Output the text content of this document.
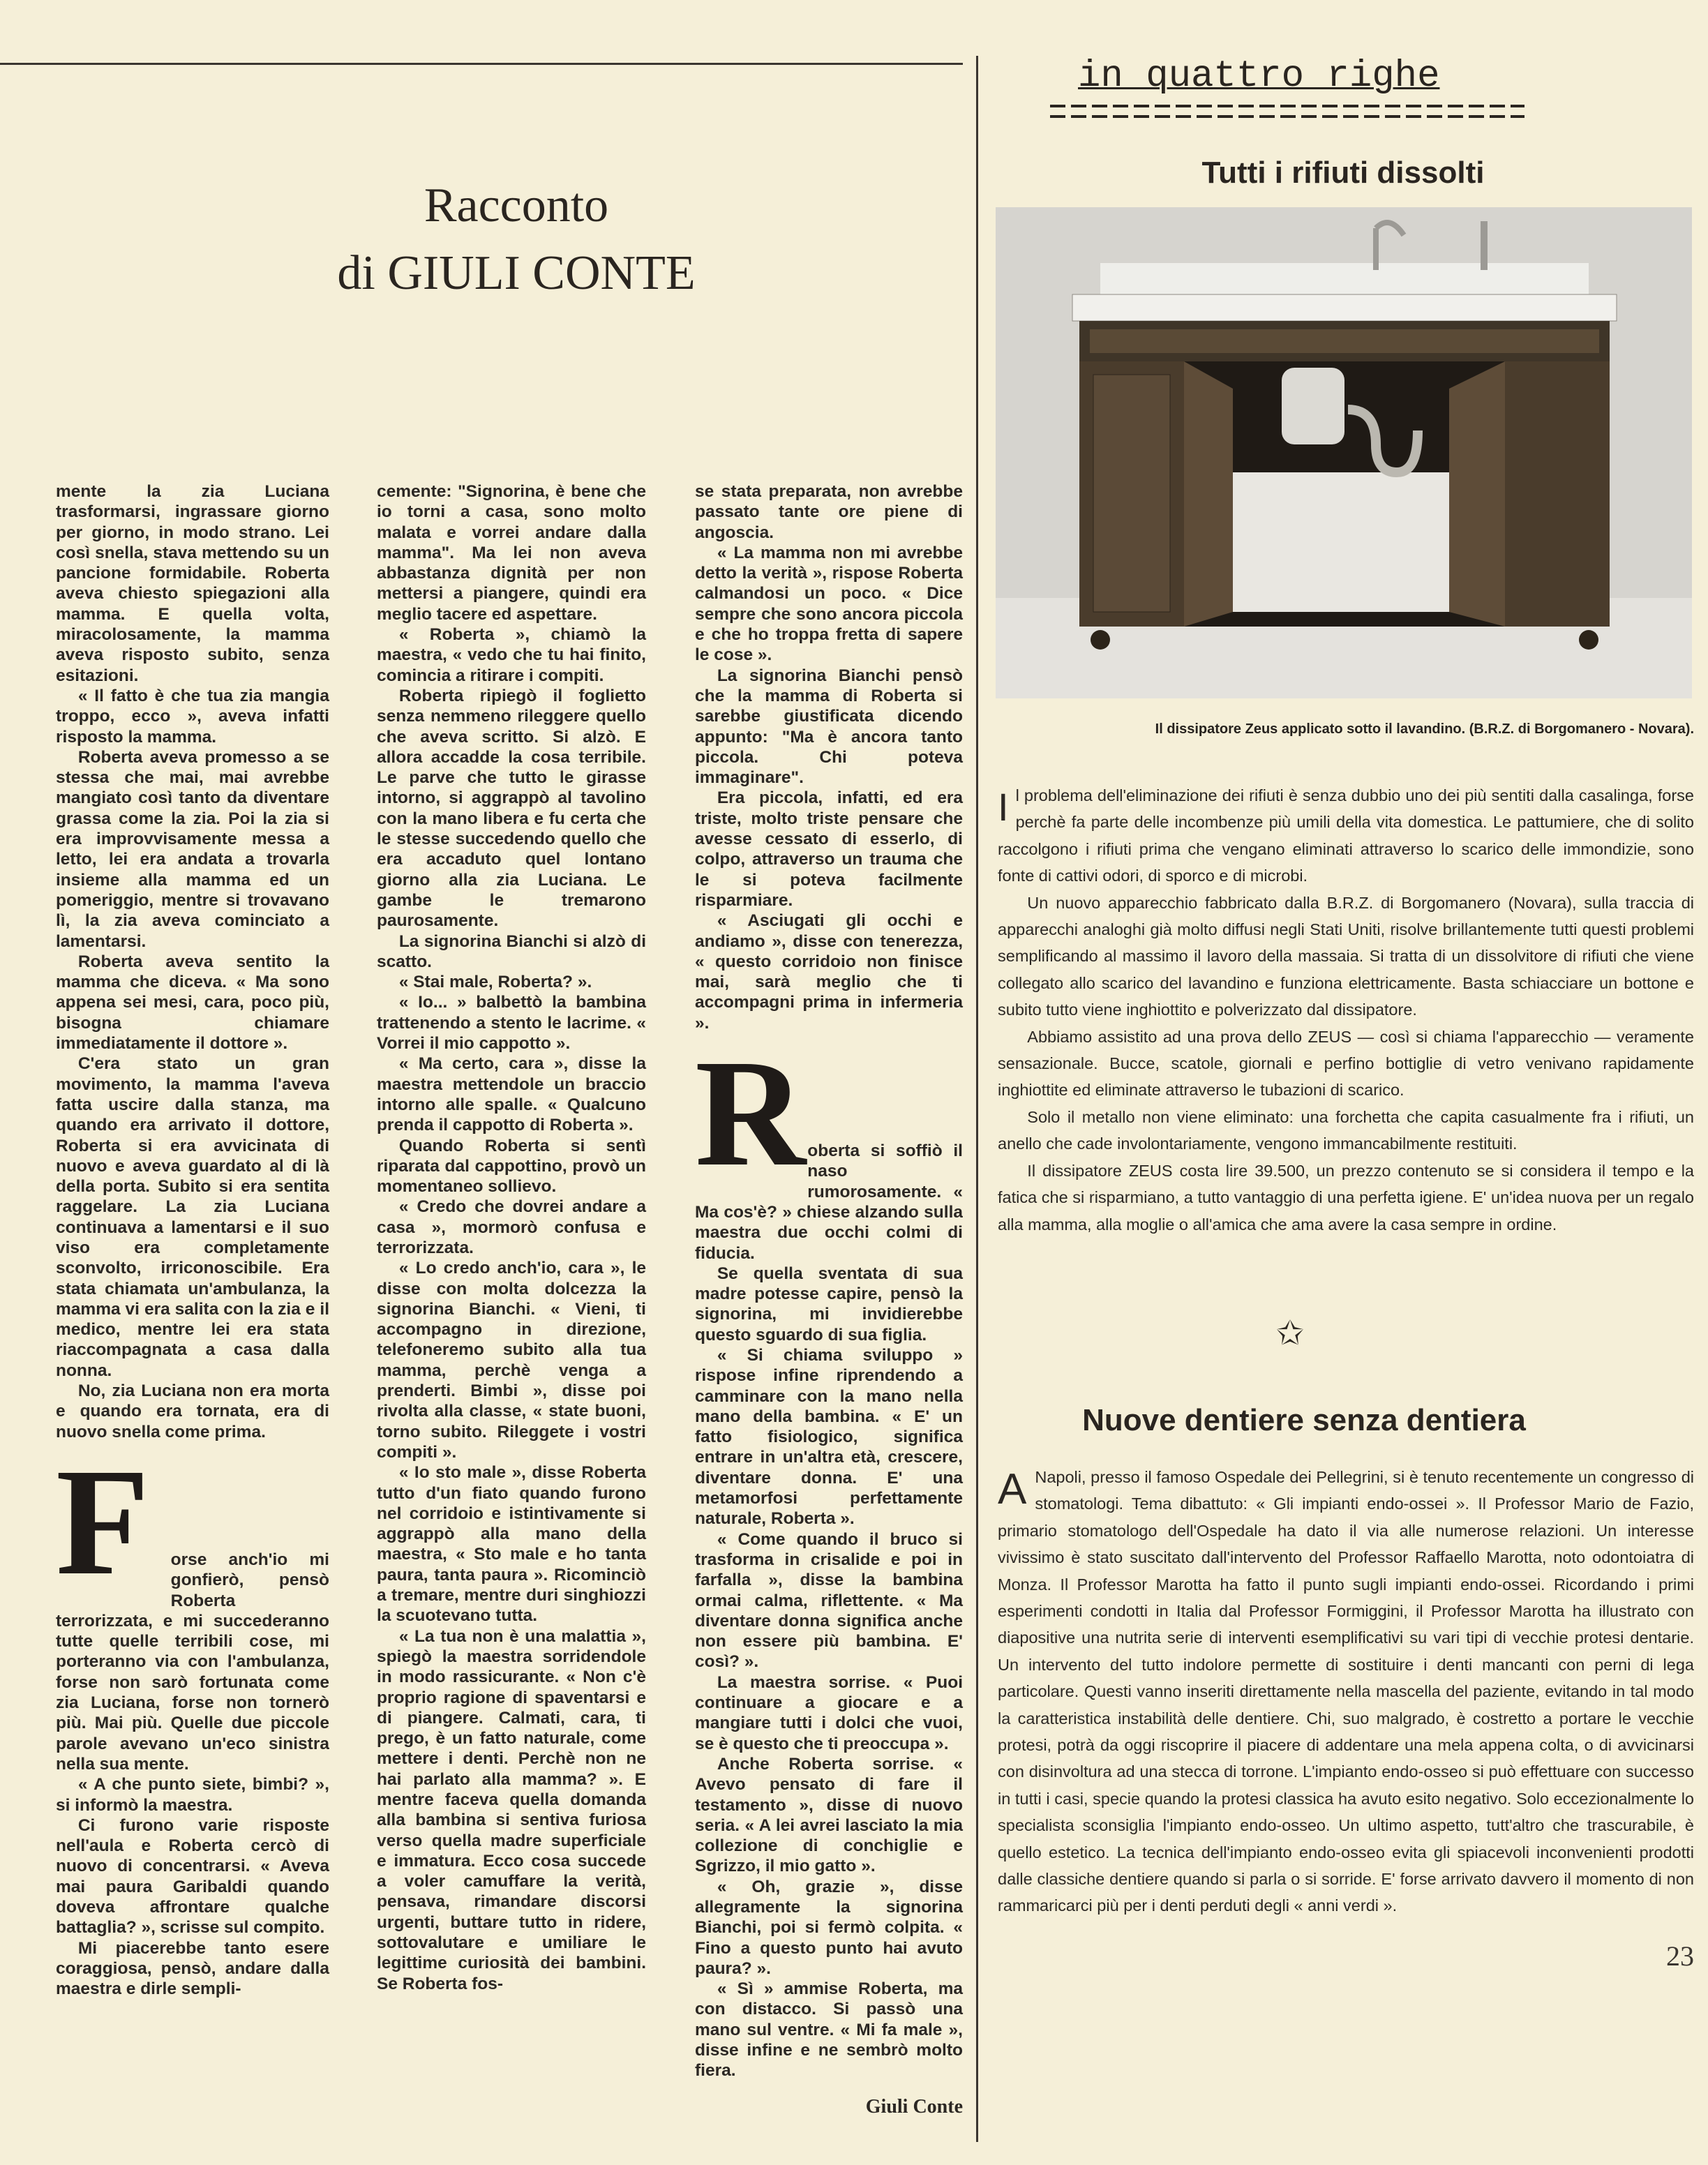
Racconto
di GIULI CONTE

mente la zia Luciana trasformarsi, ingrassare giorno per giorno, in modo strano. Lei così snella, stava mettendo su un pancione formidabile. Roberta aveva chiesto spiegazioni alla mamma. E quella volta, miracolosamente, la mamma aveva risposto subito, senza esitazioni.

« Il fatto è che tua zia mangia troppo, ecco », aveva infatti risposto la mamma.

Roberta aveva promesso a se stessa che mai, mai avrebbe mangiato così tanto da diventare grassa come la zia. Poi la zia si era improvvisamente messa a letto, lei era andata a trovarla insieme alla mamma ed un pomeriggio, mentre si trovavano lì, la zia aveva cominciato a lamentarsi.

Roberta aveva sentito la mamma che diceva. « Ma sono appena sei mesi, cara, poco più, bisogna chiamare immediatamente il dottore ».

C'era stato un gran movimento, la mamma l'aveva fatta uscire dalla stanza, ma quando era arrivato il dottore, Roberta si era avvicinata di nuovo e aveva guardato al di là della porta. Subito si era sentita raggelare. La zia Luciana continuava a lamentarsi e il suo viso era completamente sconvolto, irriconoscibile. Era stata chiamata un'ambulanza, la mamma vi era salita con la zia e il medico, mentre lei era stata riaccompagnata a casa dalla nonna.

No, zia Luciana non era morta e quando era tornata, era di nuovo snella come prima.

F	orse anch'io mi gonfierò, pensò Roberta terrorizzata, e mi succederanno tutte quelle terribili cose, mi porteranno via con l'ambulanza, forse non sarò fortunata come zia Luciana, forse non tornerò più. Mai più. Quelle due piccole parole avevano un'eco sinistra nella sua mente.

« A che punto siete, bimbi? », si informò la maestra.

Ci furono varie risposte nell'aula e Roberta cercò di nuovo di concentrarsi. « Aveva mai paura Garibaldi quando doveva affrontare qualche battaglia? », scrisse sul compito.

Mi piacerebbe tanto esere coraggiosa, pensò, andare dalla maestra e dirle sempli-

cemente: "Signorina, è bene che io torni a casa, sono molto malata e vorrei andare dalla mamma". Ma lei non aveva abbastanza dignità per non mettersi a piangere, quindi era meglio tacere ed aspettare.

« Roberta », chiamò la maestra, « vedo che tu hai finito, comincia a ritirare i compiti.

Roberta ripiegò il foglietto senza nemmeno rileggere quello che aveva scritto. Si alzò. E allora accadde la cosa terribile. Le parve che tutto le girasse intorno, si aggrappò al tavolino con la mano libera e fu certa che le stesse succedendo quello che era accaduto quel lontano giorno alla zia Luciana. Le gambe le tremarono paurosamente.

La signorina Bianchi si alzò di scatto.

« Stai male, Roberta? ».

« Io... » balbettò la bambina trattenendo a stento le lacrime. « Vorrei il mio cappotto ».

« Ma certo, cara », disse la maestra mettendole un braccio intorno alle spalle. « Qualcuno prenda il cappotto di Roberta ».

Quando Roberta si sentì riparata dal cappottino, provò un momentaneo sollievo.

« Credo che dovrei andare a casa », mormorò confusa e terrorizzata.

« Lo credo anch'io, cara », le disse con molta dolcezza la signorina Bianchi. « Vieni, ti accompagno in direzione, telefoneremo subito alla tua mamma, perchè venga a prenderti. Bimbi », disse poi rivolta alla classe, « state buoni, torno subito. Rileggete i vostri compiti ».

« Io sto male », disse Roberta tutto d'un fiato quando furono nel corridoio e istintivamente si aggrappò alla mano della maestra, « Sto male e ho tanta paura, tanta paura ». Ricominciò a tremare, mentre duri singhiozzi la scuotevano tutta.

« La tua non è una malattia », spiegò la maestra sorridendole in modo rassicurante. « Non c'è proprio ragione di spaventarsi e di piangere. Calmati, cara, ti prego, è un fatto naturale, come mettere i denti. Perchè non ne hai parlato alla mamma? ». E mentre faceva quella domanda alla bambina si sentiva furiosa verso quella madre superficiale e immatura. Ecco cosa succede a voler camuffare la verità, pensava, rimandare discorsi urgenti, buttare tutto in ridere, sottovalutare e umiliare le legittime curiosità dei bambini. Se Roberta fos-

se stata preparata, non avrebbe passato tante ore piene di angoscia.

« La mamma non mi avrebbe detto la verità », rispose Roberta calmandosi un poco. « Dice sempre che sono ancora piccola e che ho troppa fretta di sapere le cose ».

La signorina Bianchi pensò che la mamma di Roberta si sarebbe giustificata dicendo appunto: "Ma è ancora tanto piccola. Chi poteva immaginare".

Era piccola, infatti, ed era triste, molto triste pensare che avesse cessato di esserlo, di colpo, attraverso un trauma che le si poteva facilmente risparmiare.

« Asciugati gli occhi e andiamo », disse con tenerezza, « questo corridoio non finisce mai, sarà meglio che ti accompagni prima in infermeria ».

R oberta si soffiò il naso rumorosamente. « Ma cos'è? » chiese alzando sulla maestra due occhi colmi di fiducia.

Se quella sventata di sua madre potesse capire, pensò la signorina, mi invidierebbe questo sguardo di sua figlia.

« Si chiama sviluppo » rispose infine riprendendo a camminare con la mano nella mano della bambina. « E' un fatto fisiologico, significa entrare in un'altra età, crescere, diventare donna. E' una metamorfosi perfettamente naturale, Roberta ».

« Come quando il bruco si trasforma in crisalide e poi in farfalla », disse la bambina ormai calma, riflettente. « Ma diventare donna significa anche non essere più bambina. E' così? ».

La maestra sorrise. « Puoi continuare a giocare e a mangiare tutti i dolci che vuoi, se è questo che ti preoccupa ».

Anche Roberta sorrise. « Avevo pensato di fare il testamento », disse di nuovo seria. « A lei avrei lasciato la mia collezione di conchiglie e Sgrizzo, il mio gatto ».

« Oh, grazie », disse allegramente la signorina Bianchi, poi si fermò colpita. « Fino a questo punto hai avuto paura? ».

« Sì » ammise Roberta, ma con distacco. Si passò una mano sul ventre. « Mi fa male », disse infine e ne sembrò molto fiera.

Giuli Conte
in quattro righe
Tutti i rifiuti dissolti
Il dissipatore Zeus applicato sotto il lavandino. (B.R.Z. di Borgomanero - Novara).
I l problema dell'eliminazione dei rifiuti è senza dubbio uno dei più sentiti dalla casalinga, forse perchè fa parte delle incombenze più umili della vita domestica. Le pattumiere, che di solito raccolgono i rifiuti prima che vengano eliminati attraverso lo scarico delle immondizie, sono fonte di cattivi odori, di sporco e di microbi.

Un nuovo apparecchio fabbricato dalla B.R.Z. di Borgomanero (Novara), sulla traccia di apparecchi analoghi già molto diffusi negli Stati Uniti, risolve brillantemente tutti questi problemi semplificando al massimo il lavoro della massaia. Si tratta di un dissolvitore di rifiuti che viene collegato allo scarico del lavandino e funziona elettricamente. Basta schiacciare un bottone e subito tutto viene inghiottito e polverizzato dal dissipatore.

Abbiamo assistito ad una prova dello ZEUS — così si chiama l'apparecchio — veramente sensazionale. Bucce, scatole, giornali e perfino bottiglie di vetro venivano rapidamente inghiottite ed eliminate attraverso le tubazioni di scarico.

Solo il metallo non viene eliminato: una forchetta che capita casualmente fra i rifiuti, un anello che cade involontariamente, vengono immancabilmente restituiti.

Il dissipatore ZEUS costa lire 39.500, un prezzo contenuto se si considera il tempo e la fatica che si risparmiano, a tutto vantaggio di una perfetta igiene. E' un'idea nuova per un regalo alla mamma, alla moglie o all'amica che ama avere la casa sempre in ordine.

✩
Nuove dentiere senza dentiera
A Napoli, presso il famoso Ospedale dei Pellegrini, si è tenuto recentemente un congresso di stomatologi. Tema dibattuto: « Gli impianti endo-ossei ». Il Professor Mario de Fazio, primario stomatologo dell'Ospedale ha dato il via alle numerose relazioni. Un interesse vivissimo è stato suscitato dall'intervento del Professor Raffaello Marotta, noto odontoiatra di Monza. Il Professor Marotta ha fatto il punto sugli impianti endo-ossei. Ricordando i primi esperimenti condotti in Italia dal Professor Formiggini, il Professor Marotta ha illustrato con diapositive una nutrita serie di interventi esemplificativi su vari tipi di vecchie protesi dentarie. Un intervento del tutto indolore permette di sostituire i denti mancanti con perni di lega particolare. Questi vanno inseriti direttamente nella mascella del paziente, evitando in tal modo la caratteristica instabilità delle dentiere. Chi, suo malgrado, è costretto a portare le vecchie protesi, potrà da oggi riscoprire il piacere di addentare una mela appena colta, o di avvicinarsi con disinvoltura ad una stecca di torrone. L'impianto endo-osseo si può effettuare con successo in tutti i casi, specie quando la protesi classica ha avuto esito negativo. Solo eccezionalmente lo specialista sconsiglia l'impianto endo-osseo. Un ultimo aspetto, tutt'altro che trascurabile, è quello estetico. La tecnica dell'impianto endo-osseo evita gli spiacevoli inconvenienti prodotti dalle classiche dentiere quando si parla o si sorride. E' forse arrivato davvero il momento di non rammaricarci più per i denti perduti degli « anni verdi ».

23
